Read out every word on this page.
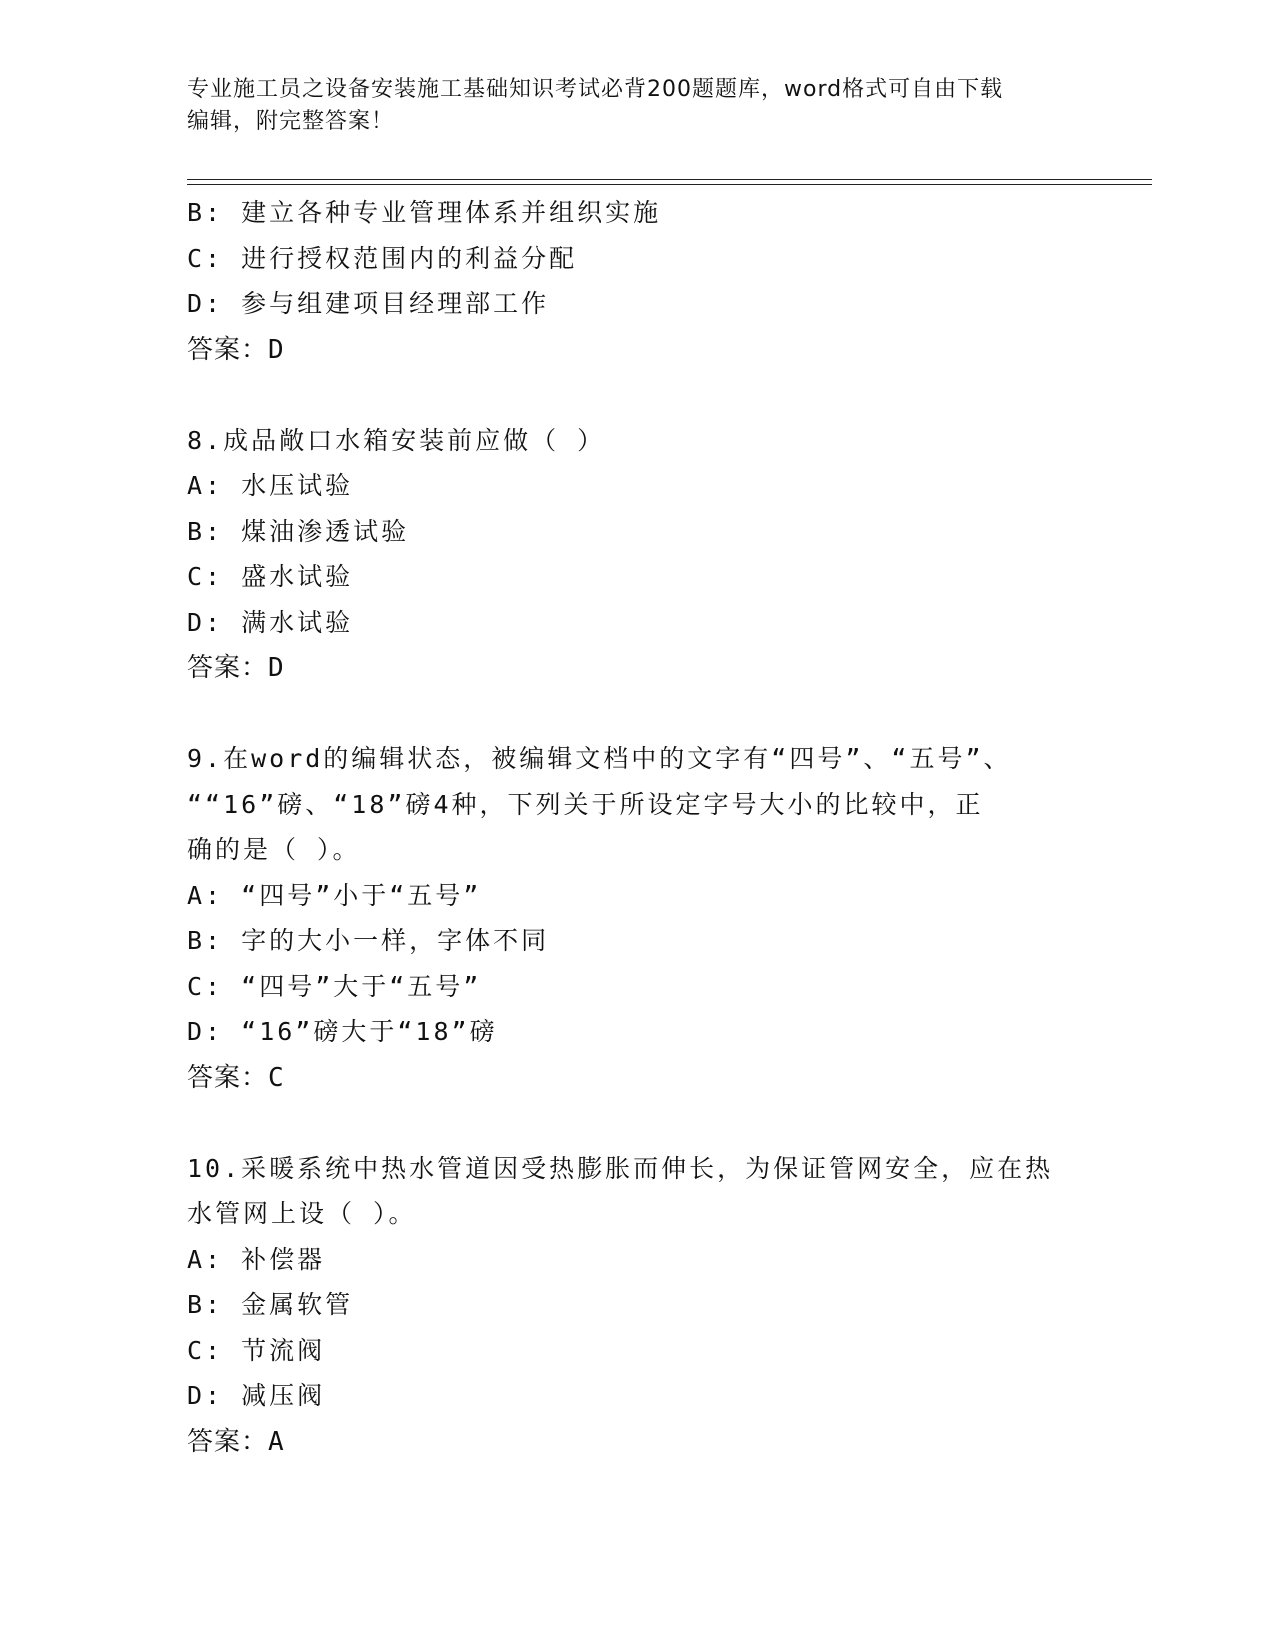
专业施工员之设备安装施工基础知识考试必背200题题库，word格式可自由下载
编辑，附完整答案！
B: 建立各种专业管理体系并组织实施
C: 进行授权范围内的利益分配
D: 参与组建项目经理部工作
答案：D
8.成品敞口水箱安装前应做（ ）
A: 水压试验
B: 煤油渗透试验
C: 盛水试验
D: 满水试验
答案：D
9.在word的编辑状态，被编辑文档中的文字有“四号”、“五号”、
““16”磅、“18”磅4种，下列关于所设定字号大小的比较中，正
确的是（ ）。
A: “四号”小于“五号”
B: 字的大小一样，字体不同
C: “四号”大于“五号”
D: “16”磅大于“18”磅
答案：C
10.采暖系统中热水管道因受热膨胀而伸长，为保证管网安全，应在热
水管网上设（ ）。
A: 补偿器
B: 金属软管
C: 节流阀
D: 减压阀
答案：A
